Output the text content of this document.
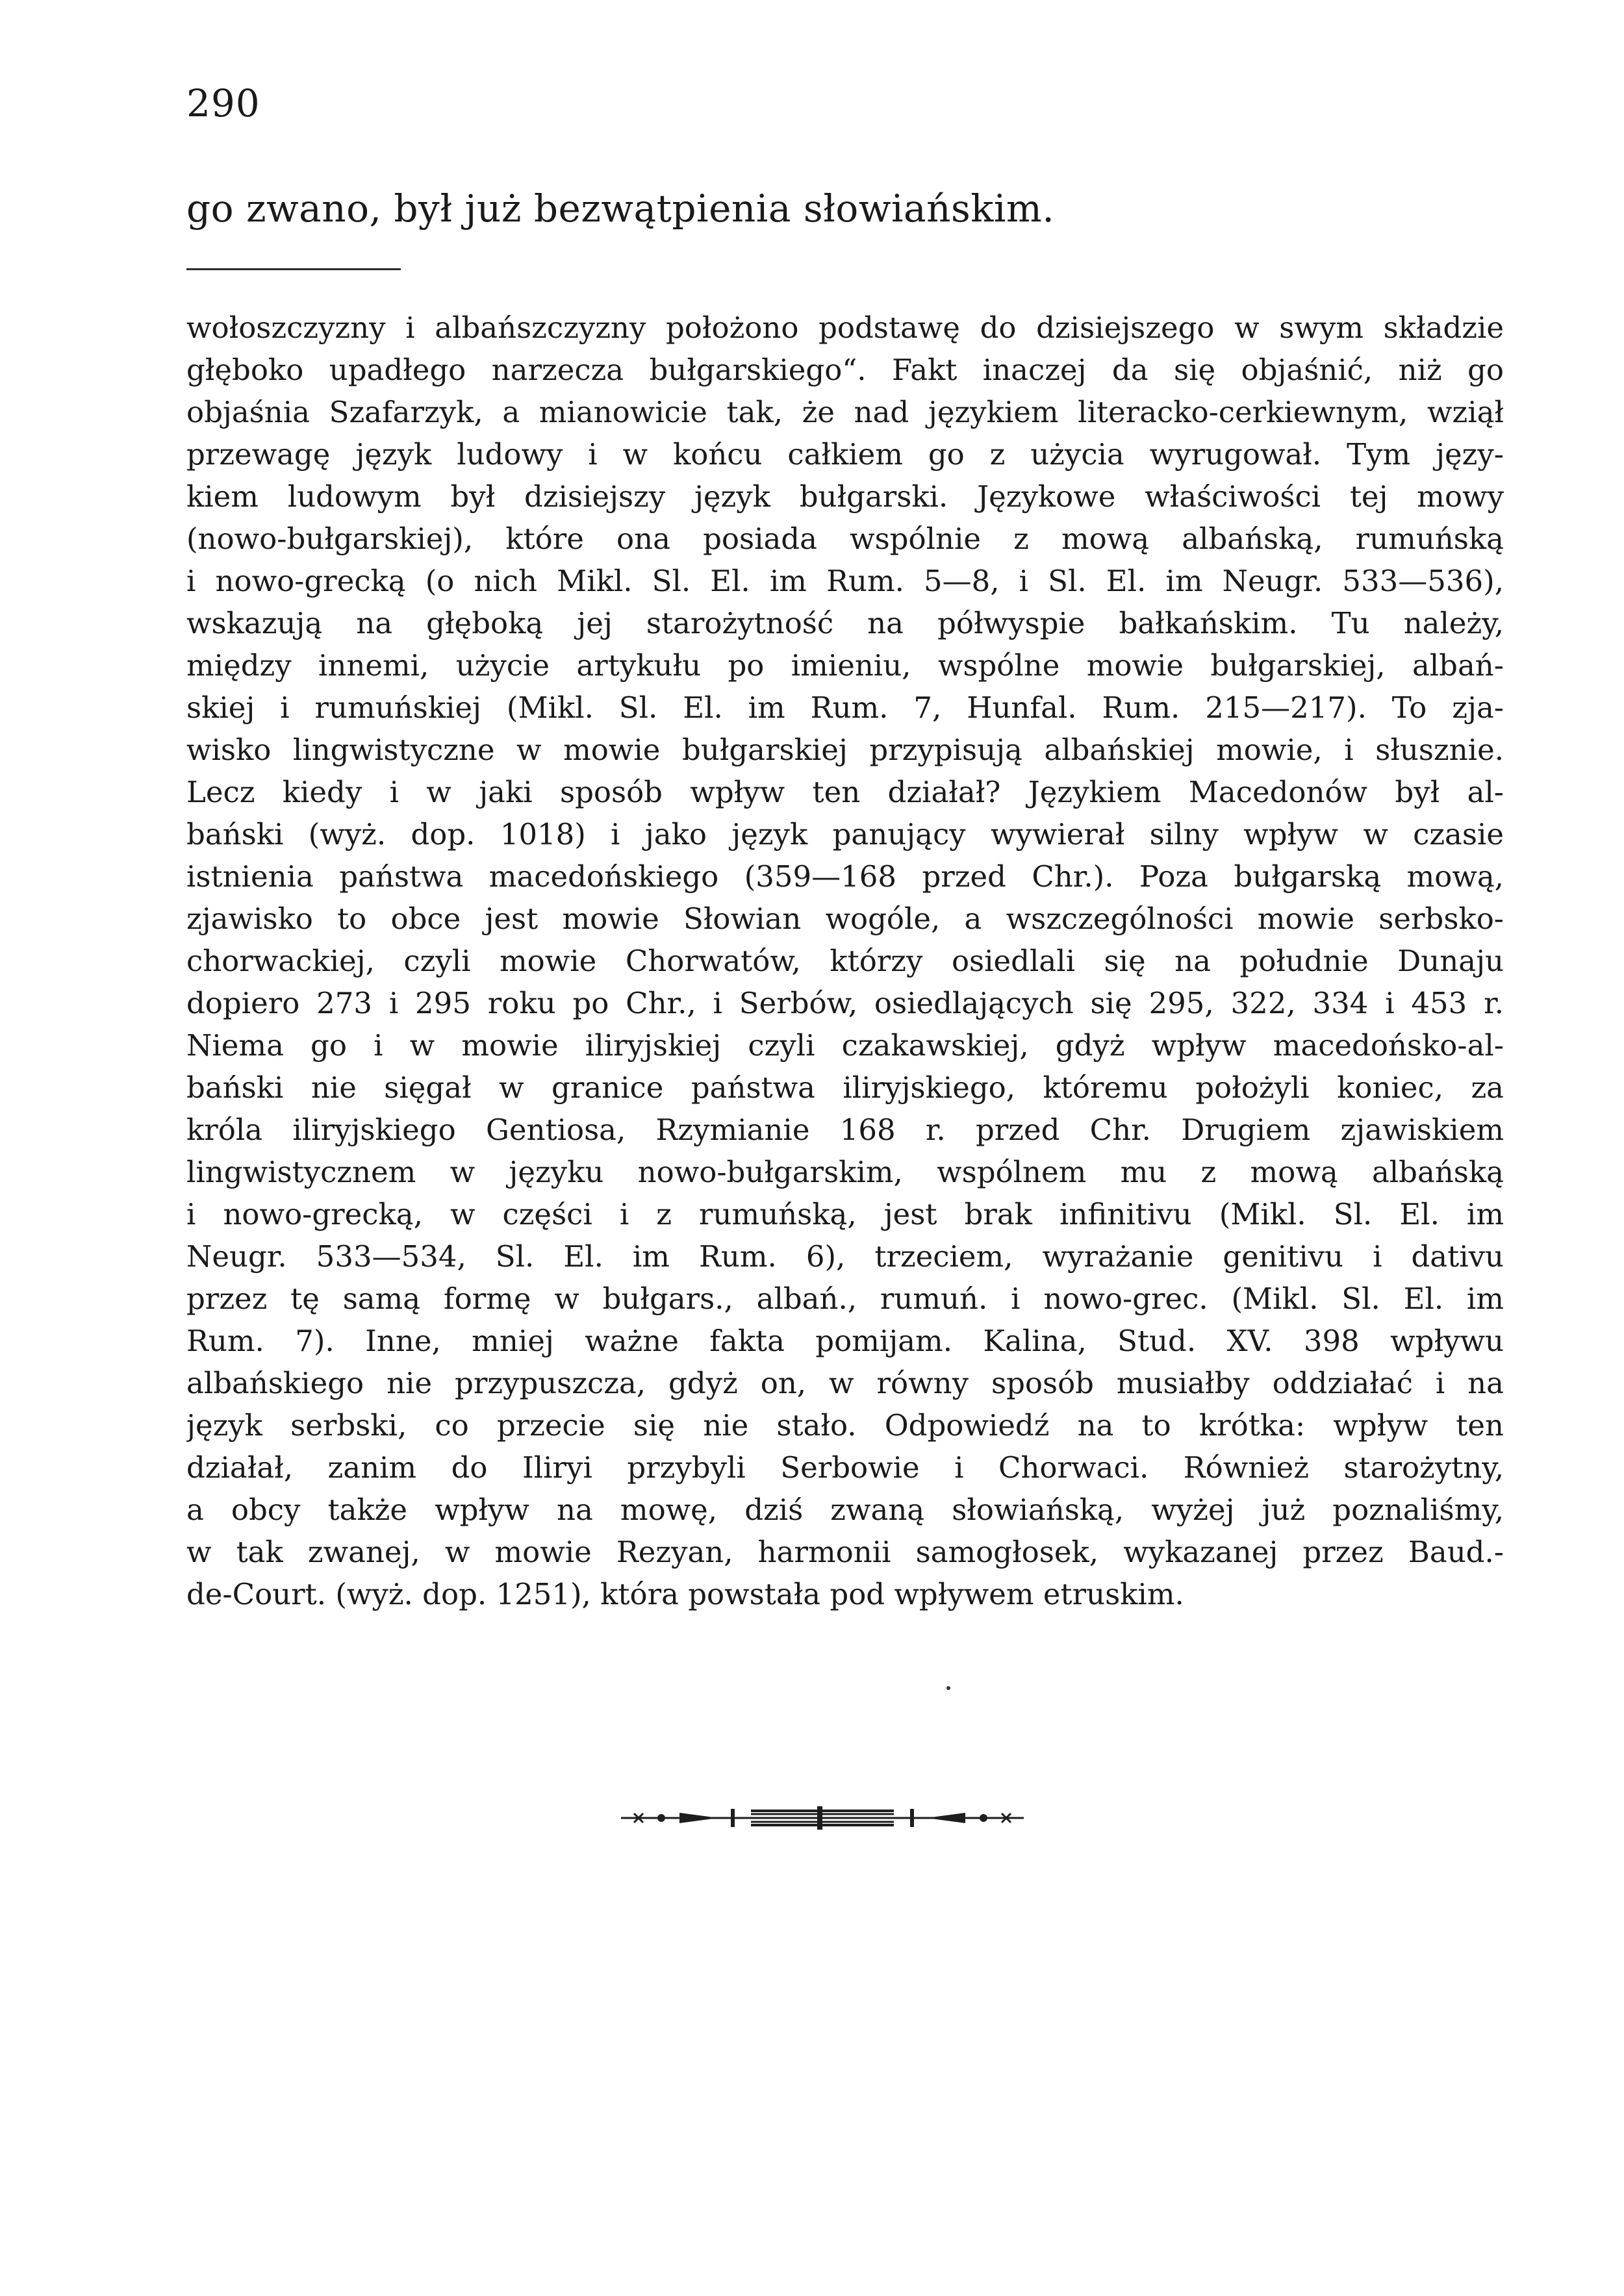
290
go zwano, był już bezwątpienia słowiańskim.
wołoszczyzny i albańszczyzny położono podstawę do dzisiejszego w swym składzie
głęboko upadłego narzecza bułgarskiego“. Fakt inaczej da się objaśnić, niż go
objaśnia Szafarzyk, a mianowicie tak, że nad językiem literacko-cerkiewnym, wziął
przewagę język ludowy i w końcu całkiem go z użycia wyrugował. Tym języ-
kiem ludowym był dzisiejszy język bułgarski. Językowe właściwości tej mowy
(nowo-bułgarskiej), które ona posiada wspólnie z mową albańską, rumuńską
i nowo-grecką (o nich Mikl. Sl. El. im Rum. 5—8, i Sl. El. im Neugr. 533—536),
wskazują na głęboką jej starożytność na półwyspie bałkańskim. Tu należy,
między innemi, użycie artykułu po imieniu, wspólne mowie bułgarskiej, albań-
skiej i rumuńskiej (Mikl. Sl. El. im Rum. 7, Hunfal. Rum. 215—217). To zja-
wisko lingwistyczne w mowie bułgarskiej przypisują albańskiej mowie, i słusznie.
Lecz kiedy i w jaki sposób wpływ ten działał? Językiem Macedonów był al-
bański (wyż. dop. 1018) i jako język panujący wywierał silny wpływ w czasie
istnienia państwa macedońskiego (359—168 przed Chr.). Poza bułgarską mową,
zjawisko to obce jest mowie Słowian wogóle, a wszczególności mowie serbsko-
chorwackiej, czyli mowie Chorwatów, którzy osiedlali się na południe Dunaju
dopiero 273 i 295 roku po Chr., i Serbów, osiedlających się 295, 322, 334 i 453 r.
Niema go i w mowie iliryjskiej czyli czakawskiej, gdyż wpływ macedońsko-al-
bański nie sięgał w granice państwa iliryjskiego, któremu położyli koniec, za
króla iliryjskiego Gentiosa, Rzymianie 168 r. przed Chr. Drugiem zjawiskiem
lingwistycznem w języku nowo-bułgarskim, wspólnem mu z mową albańską
i nowo-grecką, w części i z rumuńską, jest brak infinitivu (Mikl. Sl. El. im
Neugr. 533—534, Sl. El. im Rum. 6), trzeciem, wyrażanie genitivu i dativu
przez tę samą formę w bułgars., albań., rumuń. i nowo-grec. (Mikl. Sl. El. im
Rum. 7). Inne, mniej ważne fakta pomijam. Kalina, Stud. XV. 398 wpływu
albańskiego nie przypuszcza, gdyż on, w równy sposób musiałby oddziałać i na
język serbski, co przecie się nie stało. Odpowiedź na to krótka: wpływ ten
działał, zanim do Iliryi przybyli Serbowie i Chorwaci. Również starożytny,
a obcy także wpływ na mowę, dziś zwaną słowiańską, wyżej już poznaliśmy,
w tak zwanej, w mowie Rezyan, harmonii samogłosek, wykazanej przez Baud.-
de-Court. (wyż. dop. 1251), która powstała pod wpływem etruskim.
